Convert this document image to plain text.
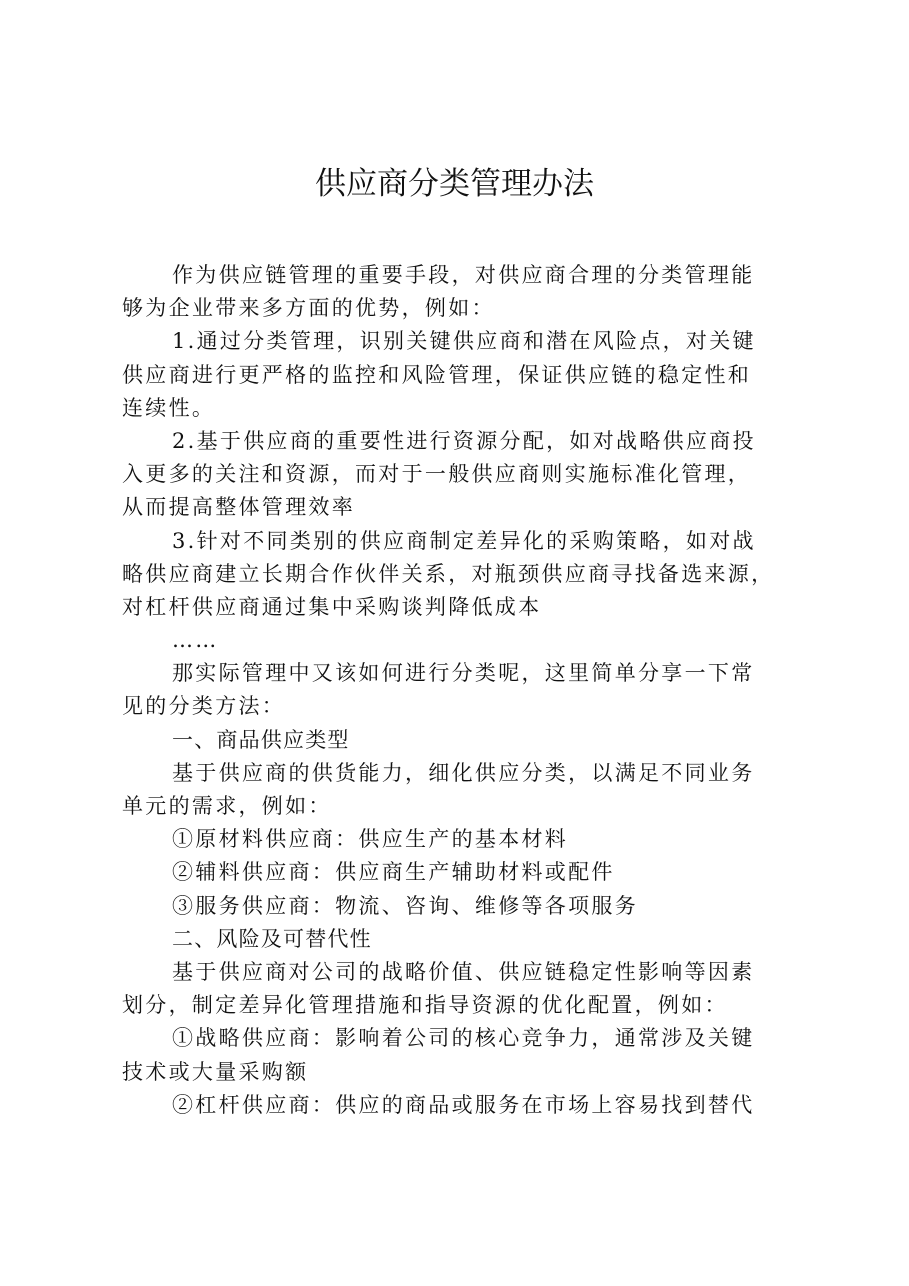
供应商分类管理办法
作为供应链管理的重要手段，对供应商合理的分类管理能
够为企业带来多方面的优势，例如：
1.通过分类管理，识别关键供应商和潜在风险点，对关键
供应商进行更严格的监控和风险管理，保证供应链的稳定性和
连续性。
2.基于供应商的重要性进行资源分配，如对战略供应商投
入更多的关注和资源，而对于一般供应商则实施标准化管理，
从而提高整体管理效率
3.针对不同类别的供应商制定差异化的采购策略，如对战
略供应商建立长期合作伙伴关系，对瓶颈供应商寻找备选来源，
对杠杆供应商通过集中采购谈判降低成本
……
那实际管理中又该如何进行分类呢，这里简单分享一下常
见的分类方法：
一、商品供应类型
基于供应商的供货能力，细化供应分类，以满足不同业务
单元的需求，例如：
①原材料供应商：供应生产的基本材料
②辅料供应商：供应商生产辅助材料或配件
③服务供应商：物流、咨询、维修等各项服务
二、风险及可替代性
基于供应商对公司的战略价值、供应链稳定性影响等因素
划分，制定差异化管理措施和指导资源的优化配置，例如：
①战略供应商：影响着公司的核心竞争力，通常涉及关键
技术或大量采购额
②杠杆供应商：供应的商品或服务在市场上容易找到替代
